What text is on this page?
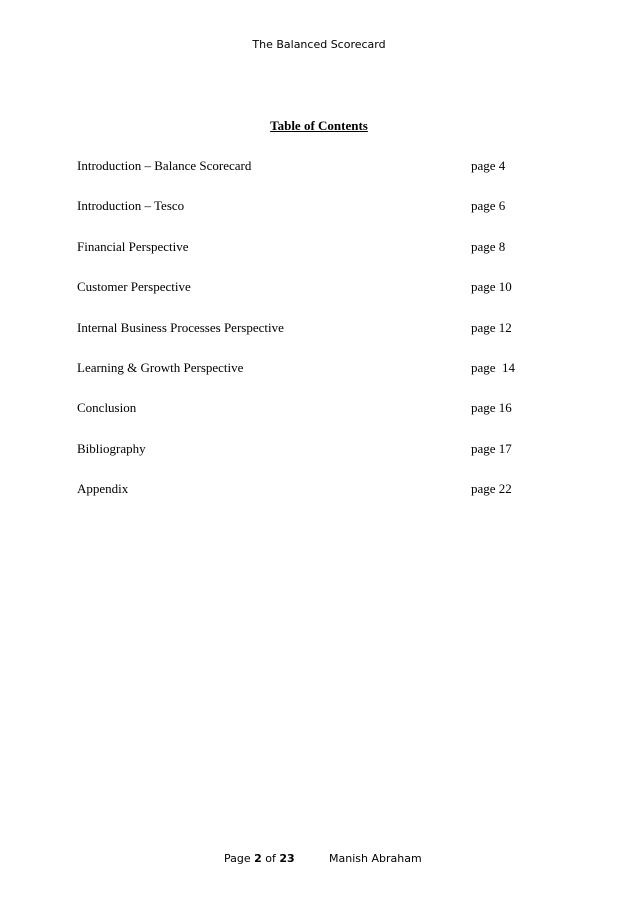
The Balanced Scorecard
Table of Contents
Introduction – Balance Scorecard	page 4
Introduction – Tesco	page 6
Financial Perspective	page 8
Customer Perspective	page 10
Internal Business Processes Perspective	page 12
Learning & Growth Perspective	page  14
Conclusion	page 16
Bibliography	page 17
Appendix	page 22
Page 2 of 23	Manish Abraham
